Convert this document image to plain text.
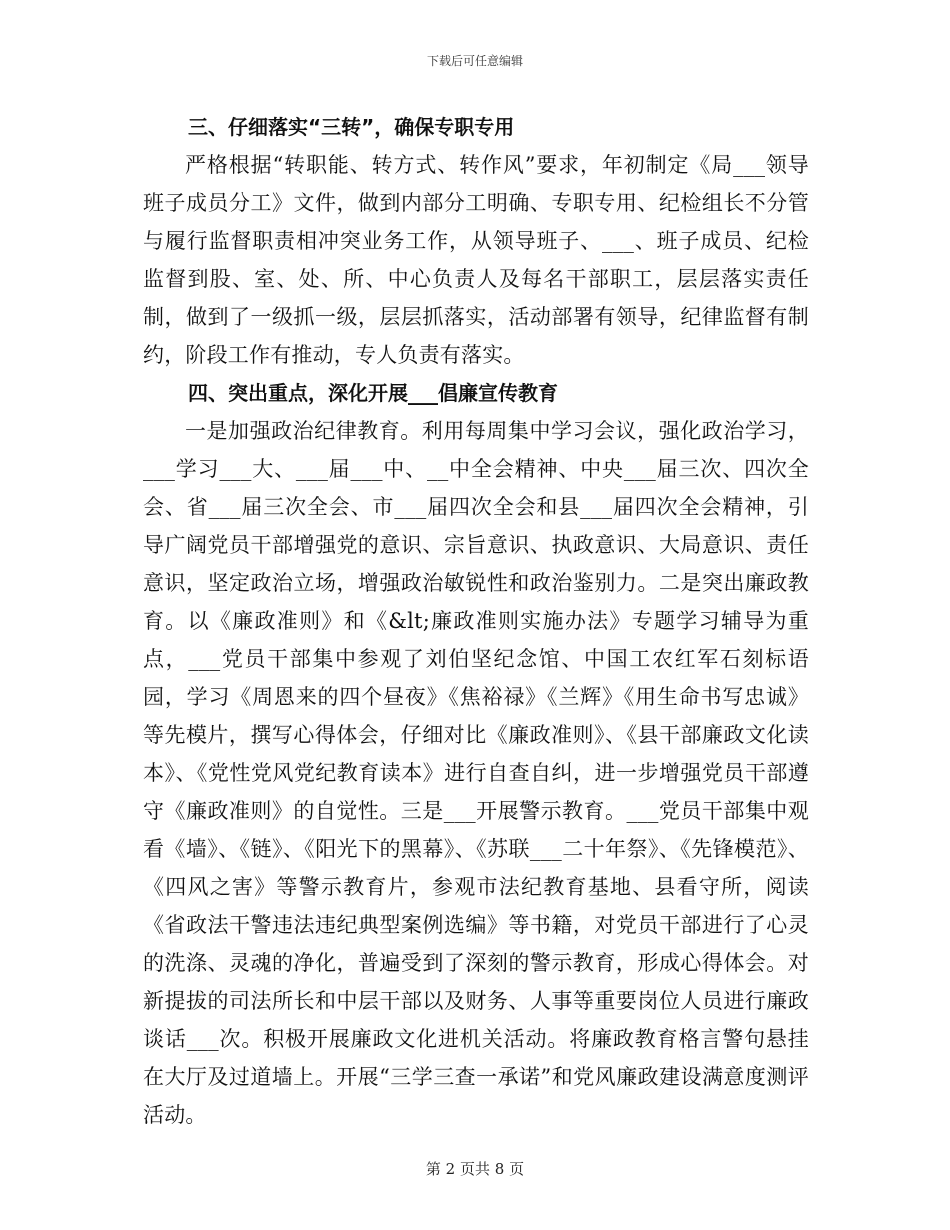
下载后可任意编辑
三、仔细落实“三转”，确保专职专用

严格根据“转职能、转方式、转作风”要求，年初制定《局___领导班子成员分工》文件，做到内部分工明确、专职专用、纪检组长不分管与履行监督职责相冲突业务工作，从领导班子、___、班子成员、纪检监督到股、室、处、所、中心负责人及每名干部职工，层层落实责任制，做到了一级抓一级，层层抓落实，活动部署有领导，纪律监督有制约，阶段工作有推动，专人负责有落实。

四、突出重点，深化开展___倡廉宣传教育

一是加强政治纪律教育。利用每周集中学习会议，强化政治学习，___学习___大、___届___中、__中全会精神、中央___届三次、四次全会、省___届三次全会、市___届四次全会和县___届四次全会精神，引导广阔党员干部增强党的意识、宗旨意识、执政意识、大局意识、责任意识，坚定政治立场，增强政治敏锐性和政治鉴别力。二是突出廉政教育。以《廉政准则》和《&lt;廉政准则实施办法》专题学习辅导为重点，___党员干部集中参观了刘伯坚纪念馆、中国工农红军石刻标语园，学习《周恩来的四个昼夜》《焦裕禄》《兰辉》《用生命书写忠诚》等先模片，撰写心得体会，仔细对比《廉政准则》、《县干部廉政文化读本》、《党性党风党纪教育读本》进行自查自纠，进一步增强党员干部遵守《廉政准则》的自觉性。三是___开展警示教育。___党员干部集中观看《墙》、《链》、《阳光下的黑幕》、《苏联___二十年祭》、《先锋模范》、《四风之害》等警示教育片，参观市法纪教育基地、县看守所，阅读《省政法干警违法违纪典型案例选编》等书籍，对党员干部进行了心灵的洗涤、灵魂的净化，普遍受到了深刻的警示教育，形成心得体会。对新提拔的司法所长和中层干部以及财务、人事等重要岗位人员进行廉政谈话___次。积极开展廉政文化进机关活动。将廉政教育格言警句悬挂在大厅及过道墙上。开展“三学三查一承诺”和党风廉政建设满意度测评活动。

第 2 页共 8 页
